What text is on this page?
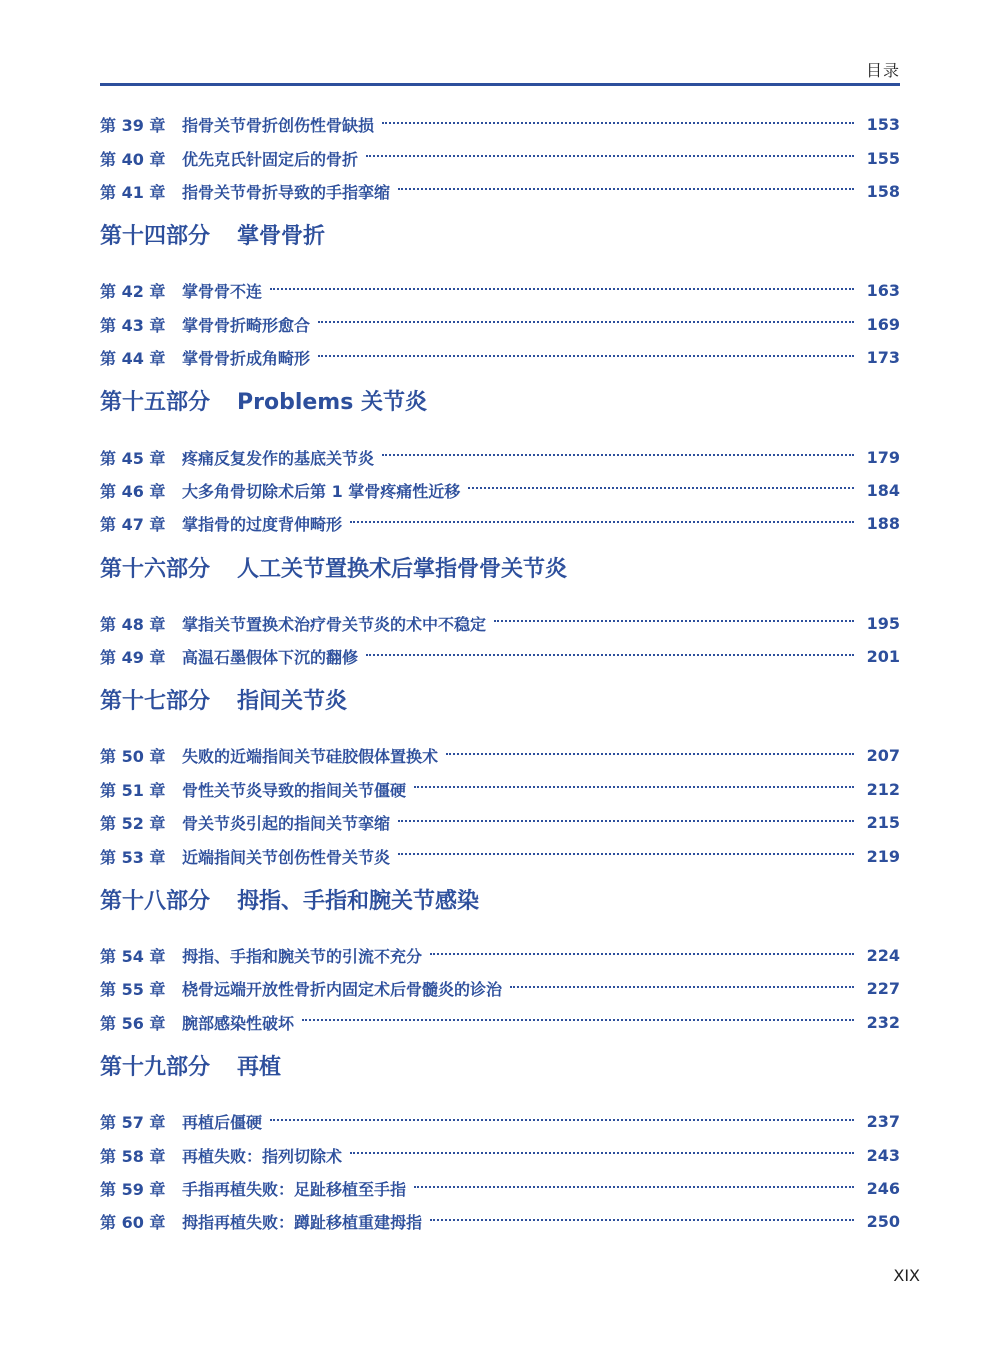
目录
第 39 章	指骨关节骨折创伤性骨缺损	153
第 40 章	优先克氏针固定后的骨折	155
第 41 章	指骨关节骨折导致的手指挛缩	158
第十四部分 掌骨骨折
第 42 章	掌骨骨不连	163
第 43 章	掌骨骨折畸形愈合	169
第 44 章	掌骨骨折成角畸形	173
第十五部分 Problems 关节炎
第 45 章	疼痛反复发作的基底关节炎	179
第 46 章	大多角骨切除术后第 1 掌骨疼痛性近移	184
第 47 章	掌指骨的过度背伸畸形	188
第十六部分 人工关节置换术后掌指骨骨关节炎
第 48 章	掌指关节置换术治疗骨关节炎的术中不稳定	195
第 49 章	高温石墨假体下沉的翻修	201
第十七部分 指间关节炎
第 50 章	失败的近端指间关节硅胶假体置换术	207
第 51 章	骨性关节炎导致的指间关节僵硬	212
第 52 章	骨关节炎引起的指间关节挛缩	215
第 53 章	近端指间关节创伤性骨关节炎	219
第十八部分 拇指、手指和腕关节感染
第 54 章	拇指、手指和腕关节的引流不充分	224
第 55 章	桡骨远端开放性骨折内固定术后骨髓炎的诊治	227
第 56 章	腕部感染性破坏	232
第十九部分 再植
第 57 章	再植后僵硬	237
第 58 章	再植失败：指列切除术	243
第 59 章	手指再植失败：足趾移植至手指	246
第 60 章	拇指再植失败：蹲趾移植重建拇指	250
XIX
